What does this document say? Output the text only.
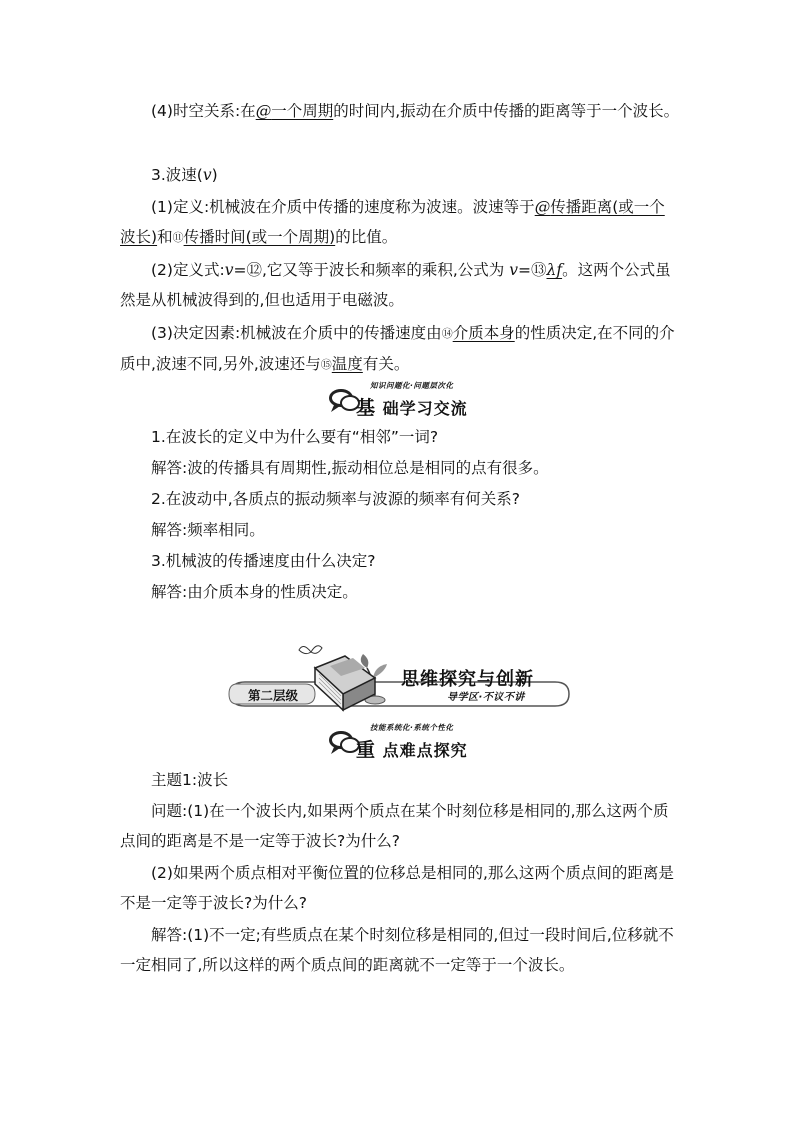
(4)时空关系:在@一个周期的时间内,振动在介质中传播的距离等于一个波长。

3.波速(v)

(1)定义:机械波在介质中传播的速度称为波速。波速等于@传播距离(或一个波长)和⑪传播时间(或一个周期)的比值。

(2)定义式:v=⑫,它又等于波长和频率的乘积,公式为 v=⑬λf。这两个公式虽然是从机械波得到的,但也适用于电磁波。

(3)决定因素:机械波在介质中的传播速度由⑭介质本身的性质决定,在不同的介质中,波速不同,另外,波速还与⑮温度有关。

知识问题化·问题层次化
基 础学习交流

1.在波长的定义中为什么要有“相邻”一词?

解答:波的传播具有周期性,振动相位总是相同的点有很多。

2.在波动中,各质点的振动频率与波源的频率有何关系?

解答:频率相同。

3.机械波的传播速度由什么决定?

解答:由介质本身的性质决定。

第二层级
思维探究与创新
导学区·不议不讲
技能系统化·系统个性化
重 点难点探究

主题1:波长

问题:(1)在一个波长内,如果两个质点在某个时刻位移是相同的,那么这两个质点间的距离是不是一定等于波长?为什么?

(2)如果两个质点相对平衡位置的位移总是相同的,那么这两个质点间的距离是不是一定等于波长?为什么?

解答:(1)不一定;有些质点在某个时刻位移是相同的,但过一段时间后,位移就不一定相同了,所以这样的两个质点间的距离就不一定等于一个波长。
